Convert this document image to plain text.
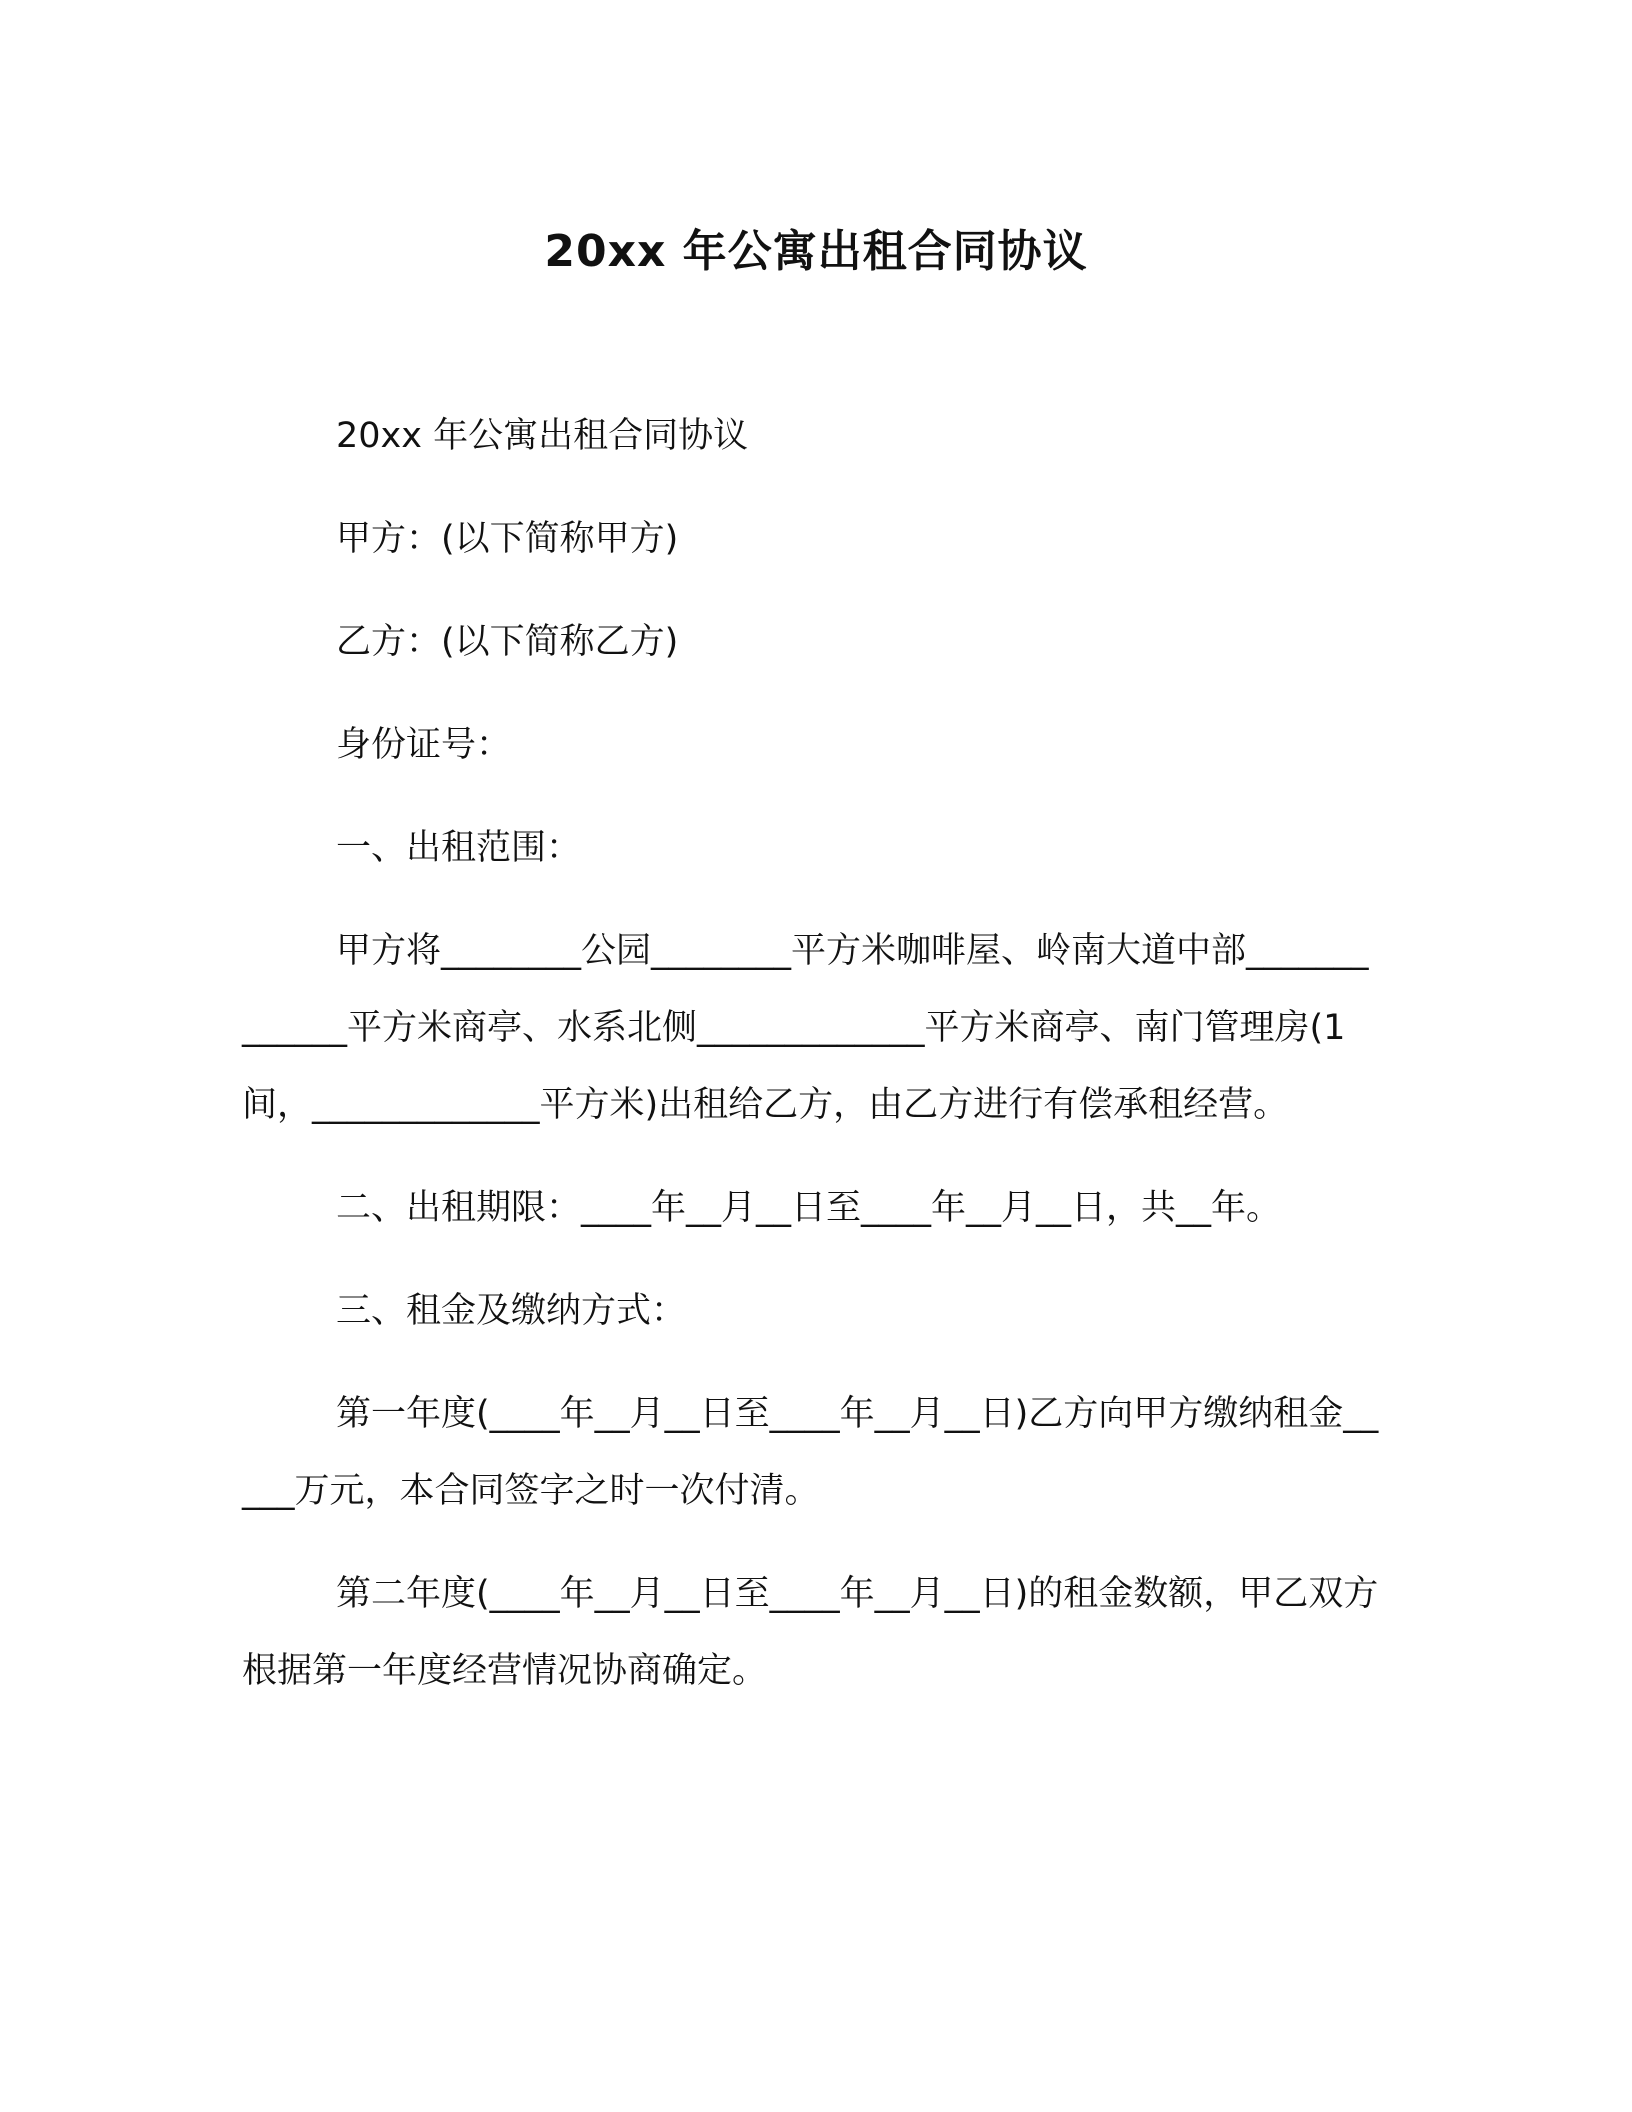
20xx 年公寓出租合同协议

20xx 年公寓出租合同协议

甲方：(以下简称甲方)

乙方：(以下简称乙方)

身份证号：

一、出租范围：

甲方将________公园________平方米咖啡屋、岭南大道中部_____________平方米商亭、水系北侧_____________平方米商亭、南门管理房(1 间，_____________平方米)出租给乙方，由乙方进行有偿承租经营。

二、出租期限：____年__月__日至____年__月__日，共__年。

三、租金及缴纳方式：

第一年度(____年__月__日至____年__月__日)乙方向甲方缴纳租金_____万元，本合同签字之时一次付清。

第二年度(____年__月__日至____年__月__日)的租金数额，甲乙双方根据第一年度经营情况协商确定。
